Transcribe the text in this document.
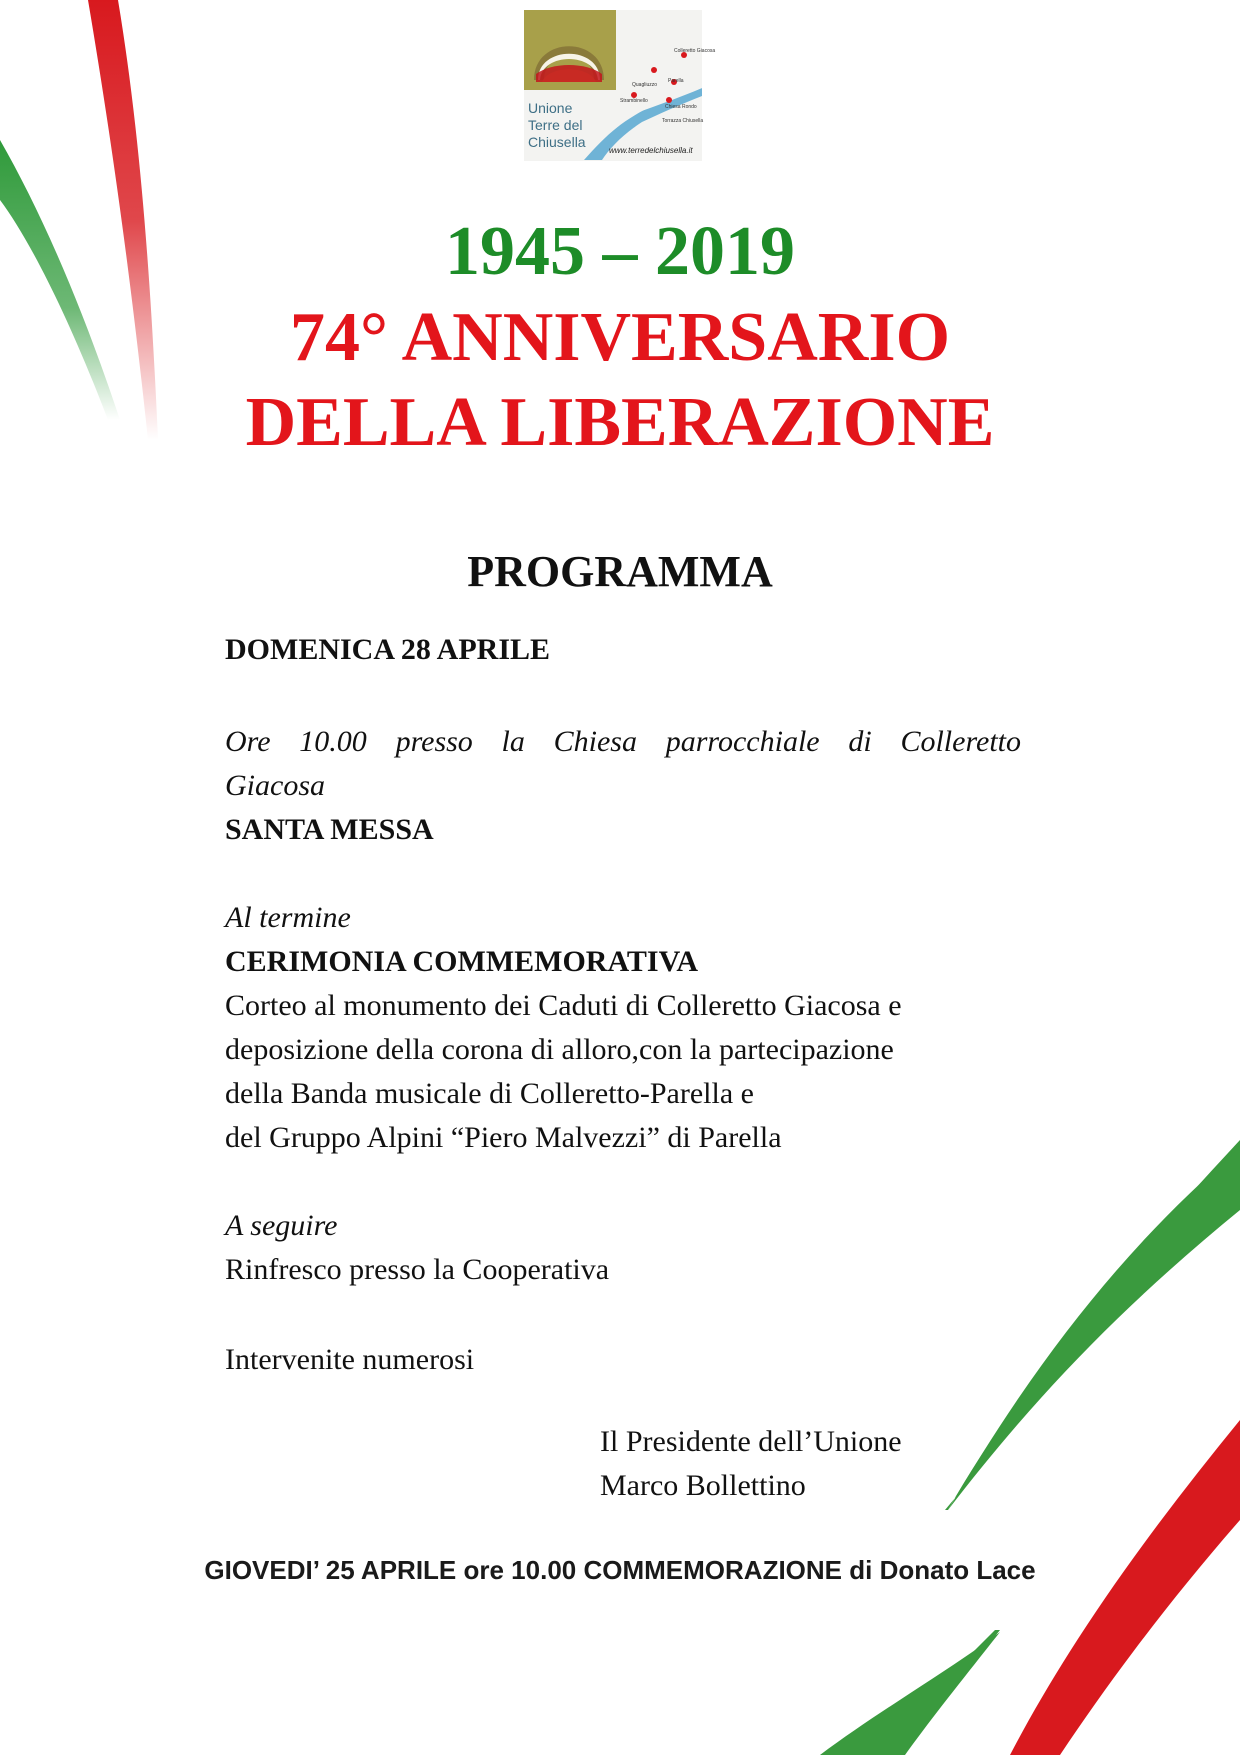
Unione
Terre del
Chiusella
Colleretto Giacosa
Parella
Quagliuzzo
Strambinello
Chiesa Rondo
Torrazza Chiusella
www.terredelchiusella.it
1945 – 2019
74° ANNIVERSARIO
DELLA LIBERAZIONE
PROGRAMMA
DOMENICA 28 APRILE
Ore 10.00 presso la Chiesa parrocchiale di Colleretto
Giacosa
SANTA MESSA
Al termine
CERIMONIA COMMEMORATIVA
Corteo al monumento dei Caduti di Colleretto Giacosa e
deposizione della corona di alloro,con la partecipazione
della Banda musicale di Colleretto-Parella e
del Gruppo Alpini “Piero Malvezzi” di Parella
A seguire
Rinfresco presso la Cooperativa
Intervenite numerosi
Il Presidente dell’Unione
Marco Bollettino
GIOVEDI’ 25 APRILE ore 10.00 COMMEMORAZIONE di Donato Lace
